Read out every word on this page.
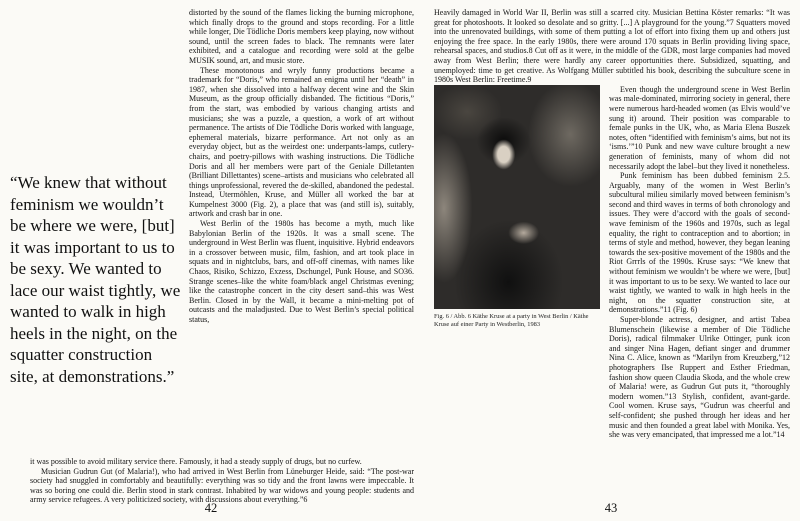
“We knew that without feminism we wouldn’t be where we were, [but] it was important to us to be sexy. We wanted to lace our waist tightly, we wanted to walk in high heels in the night, on the squatter construction site, at demonstrations.”

distorted by the sound of the flames licking the burning microphone, which finally drops to the ground and stops recording. For a little while longer, Die Tödliche Doris members keep playing, now without sound, until the screen fades to black. The remnants were later exhibited, and a catalogue and recording were sold at the gelbe MUSIK sound, art, and music store.

These monotonous and wryly funny productions became a trademark for “Doris,” who remained an enigma until her “death” in 1987, when she dissolved into a halfway decent wine and the Skin Museum, as the group officially disbanded. The fictitious “Doris,” from the start, was embodied by various changing artists and musicians; she was a puzzle, a question, a work of art without permanence. The artists of Die Tödliche Doris worked with language, ephemeral materials, bizarre performance. Art not only as an everyday object, but as the weirdest one: underpants-lamps, cutlery-chairs, and poetry-pillows with washing instructions. Die Tödliche Doris and all her members were part of the Geniale Dilletanten (Brilliant Dillettantes) scene–artists and musicians who celebrated all things unprofessional, revered the de-skilled, abandoned the pedestal. Instead, Utermöhlen, Kruse, and Müller all worked the bar at Kumpelnest 3000 (Fig. 2), a place that was (and still is), suitably, artwork and crash bar in one.

West Berlin of the 1980s has become a myth, much like Babylonian Berlin of the 1920s. It was a small scene. The underground in West Berlin was fluent, inquisitive. Hybrid endeavors in a crossover between music, film, fashion, and art took place in squats and in nightclubs, bars, and off-off cinemas, with names like Chaos, Risiko, Schizzo, Exzess, Dschungel, Punk House, and SO36. Strange scenes–like the white foam/black angel Christmas evening; like the catastrophe concert in the city desert sand–this was West Berlin. Closed in by the Wall, it became a mini-melting pot of outcasts and the maladjusted. Due to West Berlin’s special political status,

it was possible to avoid military service there. Famously, it had a steady supply of drugs, but no curfew.

Musician Gudrun Gut (of Malaria!), who had arrived in West Berlin from Lüneburger Heide, said: “The post-war society had snuggled in comfortably and beautifully: everything was so tidy and the front lawns were impeccable. It was so boring one could die. Berlin stood in stark contrast. Inhabited by war widows and young people: students and army service refugees. A very politicized society, with discussions about everything.”6

42

Heavily damaged in World War II, Berlin was still a scarred city. Musician Bettina Köster remarks: “It was great for photoshoots. It looked so desolate and so gritty. [...] A playground for the young.”7 Squatters moved into the unrenovated buildings, with some of them putting a lot of effort into fixing them up and others just enjoying the free space. In the early 1980s, there were around 170 squats in Berlin providing living space, rehearsal spaces, and studios.8 Cut off as it were, in the middle of the GDR, most large companies had moved away from West Berlin; there were hardly any career opportunities there. Subsidized, squatting, and unemployed: time to get creative. As Wolfgang Müller subtitled his book, describing the subculture scene in 1980s West Berlin: Freetime.9

Fig. 6 / Abb. 6 Käthe Kruse at a party in West Berlin / Käthe Kruse auf einer Party in Westberlin, 1983

Even though the underground scene in West Berlin was male-dominated, mirroring society in general, there were numerous hard-headed women (as Elvis would’ve sung it) around. Their position was comparable to female punks in the UK, who, as Maria Elena Buszek notes, often “identified with feminism’s aims, but not its ‘isms.’”10 Punk and new wave culture brought a new generation of feminists, many of whom did not necessarily adopt the label–but they lived it nonetheless.

Punk feminism has been dubbed feminism 2.5. Arguably, many of the women in West Berlin’s subcultural milieu similarly moved between feminism’s second and third waves in terms of both chronology and issues. They were d’accord with the goals of second-wave feminism of the 1960s and 1970s, such as legal equality, the right to contraception and to abortion; in terms of style and method, however, they began leaning towards the sex-positive movement of the 1980s and the Riot Grrrls of the 1990s. Kruse says: “We knew that without feminism we wouldn’t be where we were, [but] it was important to us to be sexy. We wanted to lace our waist tightly, we wanted to walk in high heels in the night, on the squatter construction site, at demonstrations.”11 (Fig. 6)

Super-blonde actress, designer, and artist Tabea Blumenschein (likewise a member of Die Tödliche Doris), radical filmmaker Ulrike Ottinger, punk icon and singer Nina Hagen, defiant singer and drummer Nina C. Alice, known as “Marilyn from Kreuzberg,”12 photographers Ilse Ruppert and Esther Friedman, fashion show queen Claudia Skoda, and the whole crew of Malaria! were, as Gudrun Gut puts it, “thoroughly modern women.”13 Stylish, confident, avant-garde. Cool women. Kruse says, “Gudrun was cheerful and self-confident; she pushed through her ideas and her music and then founded a great label with Monika. Yes, she was very emancipated, that impressed me a lot.”14

43
